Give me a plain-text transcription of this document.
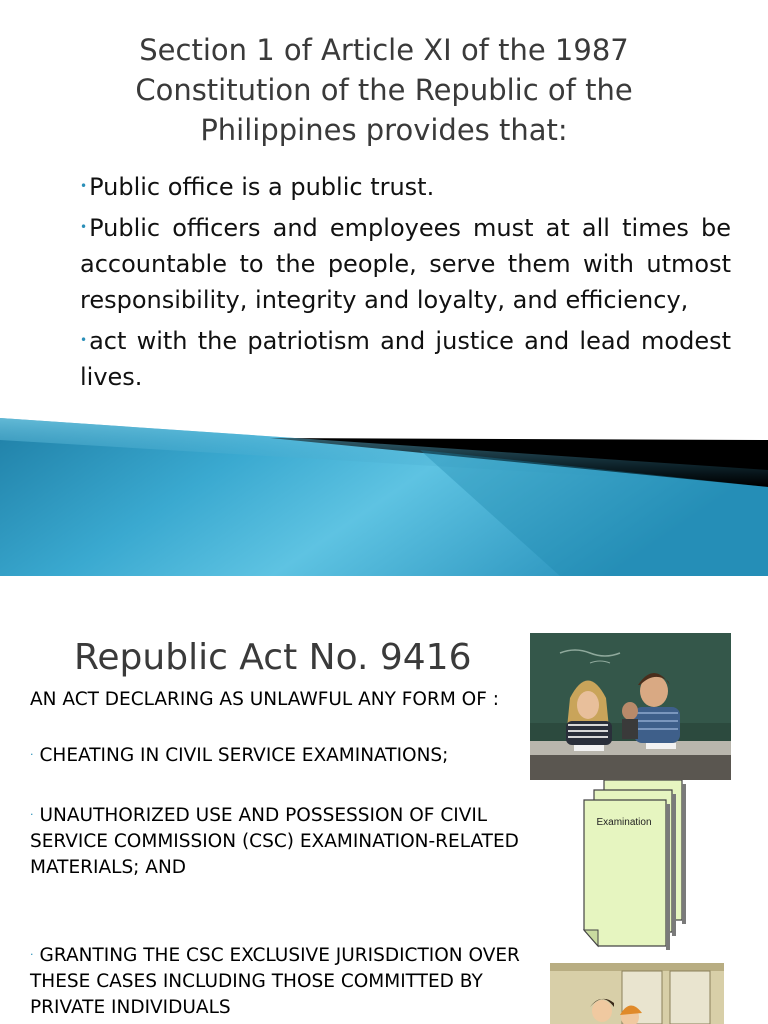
Section 1 of Article XI of the 1987
Constitution of the Republic of the
Philippines provides that:
•Public office is a public trust.
•Public officers and employees must at all times be accountable to the people, serve them with utmost responsibility, integrity and loyalty, and efficiency,
•act with the patriotism and justice and lead modest lives.
Republic Act No. 9416
AN ACT DECLARING AS UNLAWFUL ANY FORM OF :
· CHEATING IN CIVIL SERVICE EXAMINATIONS;
· UNAUTHORIZED USE AND POSSESSION OF CIVIL SERVICE COMMISSION (CSC) EXAMINATION-RELATED MATERIALS; AND
· GRANTING THE CSC EXCLUSIVE JURISDICTION OVER THESE CASES INCLUDING THOSE COMMITTED BY PRIVATE INDIVIDUALS
Examination
